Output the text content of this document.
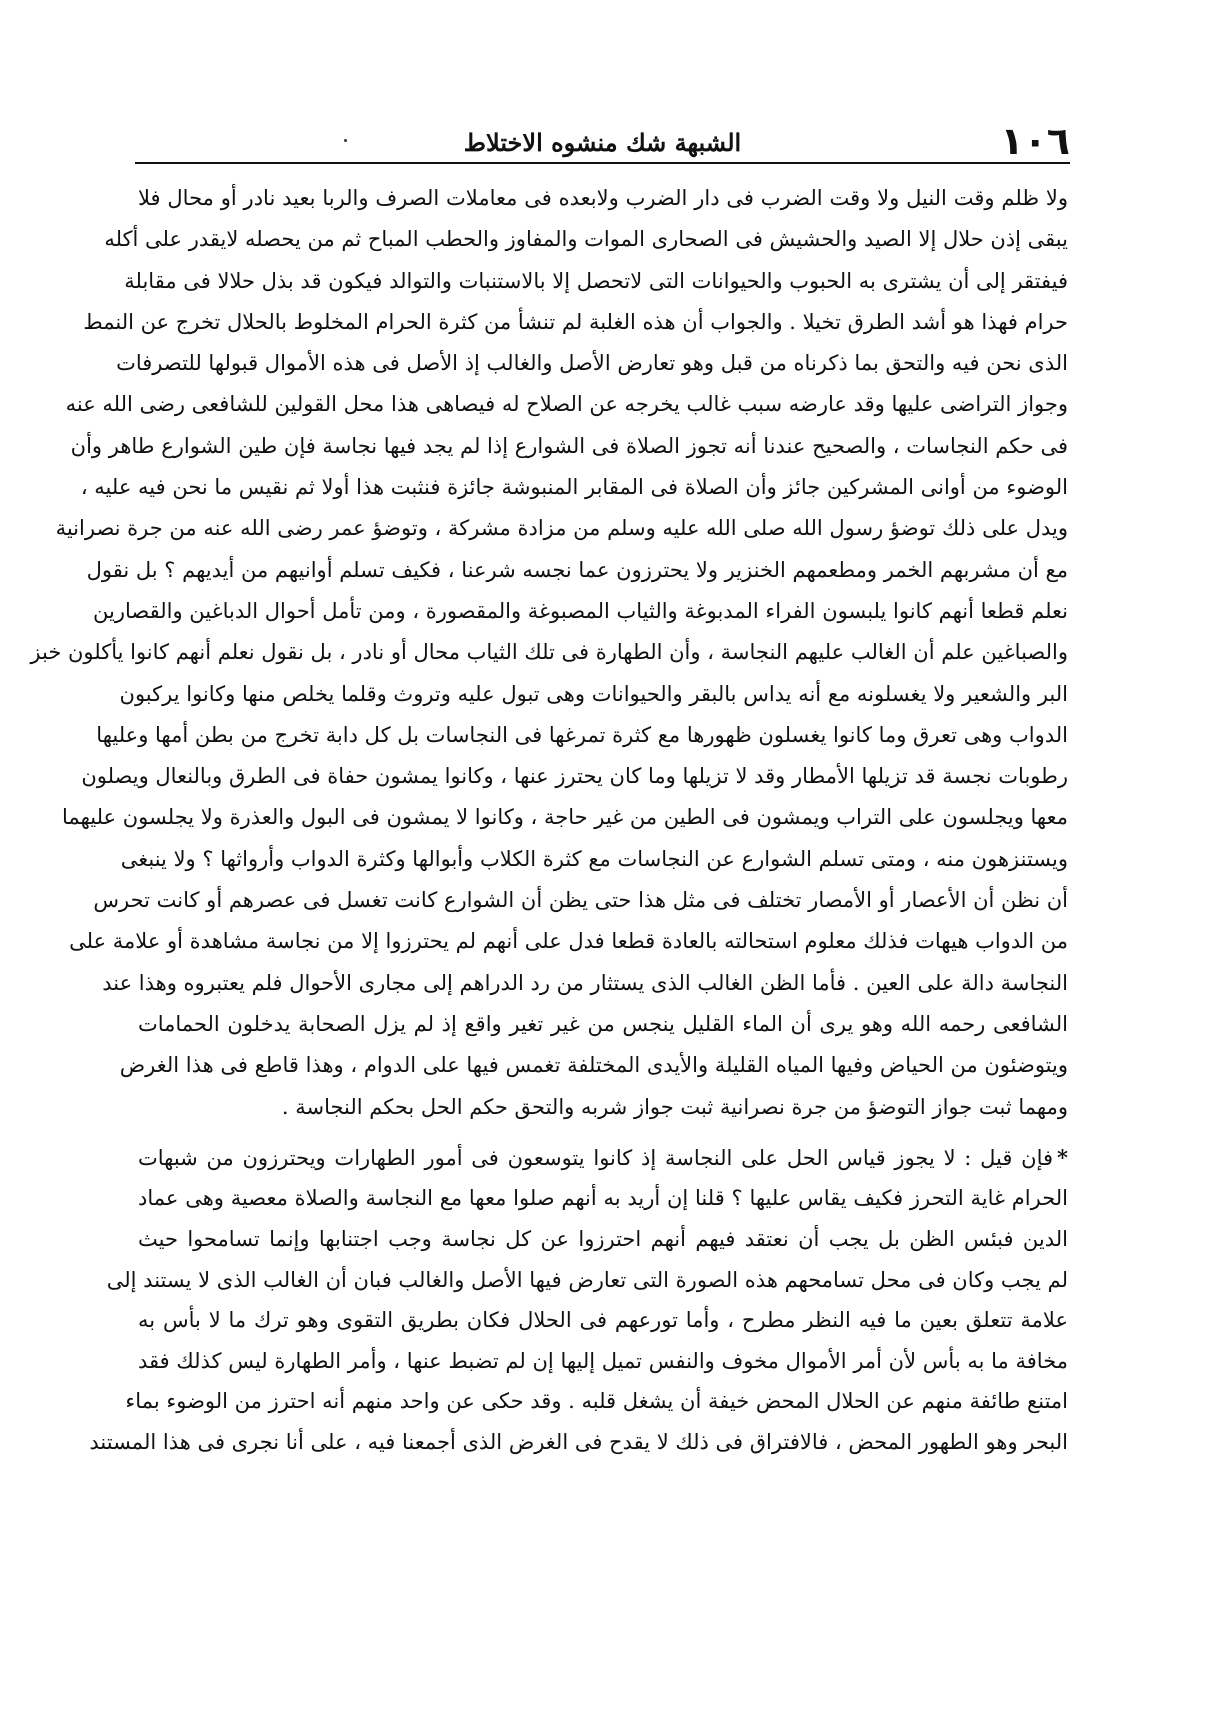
١٠٦
الشبهة شك منشوه الاختلاط
ولا ظلم وقت النيل ولا وقت الضرب فى دار الضرب ولابعده فى معاملات الصرف والربا بعيد نادر أو محال فلا
يبقى إذن حلال إلا الصيد والحشيش فى الصحارى الموات والمفاوز والحطب المباح ثم من يحصله لايقدر على أكله
فيفتقر إلى أن يشترى به الحبوب والحيوانات التى لاتحصل إلا بالاستنبات والتوالد فيكون قد بذل حلالا فى مقابلة
حرام فهذا هو أشد الطرق تخيلا . والجواب أن هذه الغلبة لم تنشأ من كثرة الحرام المخلوط بالحلال تخرج عن النمط
الذى نحن فيه والتحق بما ذكرناه من قبل وهو تعارض الأصل والغالب إذ الأصل فى هذه الأموال قبولها للتصرفات
وجواز التراضى عليها وقد عارضه سبب غالب يخرجه عن الصلاح له فيصاهى هذا محل القولين للشافعى رضى الله عنه
فى حكم النجاسات ، والصحيح عندنا أنه تجوز الصلاة فى الشوارع إذا لم يجد فيها نجاسة فإن طين الشوارع طاهر وأن
الوضوء من أوانى المشركين جائز وأن الصلاة فى المقابر المنبوشة جائزة فنثبت هذا أولا ثم نقيس ما نحن فيه عليه ،
ويدل على ذلك توضؤ رسول الله صلى الله عليه وسلم من مزادة مشركة ، وتوضؤ عمر رضى الله عنه من جرة نصرانية
مع أن مشربهم الخمر ومطعمهم الخنزير ولا يحترزون عما نجسه شرعنا ، فكيف تسلم أوانيهم من أيديهم ؟ بل نقول
نعلم قطعا أنهم كانوا يلبسون الفراء المدبوغة والثياب المصبوغة والمقصورة ، ومن تأمل أحوال الدباغين والقصارين
والصباغين علم أن الغالب عليهم النجاسة ، وأن الطهارة فى تلك الثياب محال أو نادر ، بل نقول نعلم أنهم كانوا يأكلون خبز
البر والشعير ولا يغسلونه مع أنه يداس بالبقر والحيوانات وهى تبول عليه وتروث وقلما يخلص منها وكانوا يركبون
الدواب وهى تعرق وما كانوا يغسلون ظهورها مع كثرة تمرغها فى النجاسات بل كل دابة تخرج من بطن أمها وعليها
رطوبات نجسة قد تزيلها الأمطار وقد لا تزيلها وما كان يحترز عنها ، وكانوا يمشون حفاة فى الطرق وبالنعال ويصلون
معها ويجلسون على التراب ويمشون فى الطين من غير حاجة ، وكانوا لا يمشون فى البول والعذرة ولا يجلسون عليهما
ويستنزهون منه ، ومتى تسلم الشوارع عن النجاسات مع كثرة الكلاب وأبوالها وكثرة الدواب وأرواثها ؟ ولا ينبغى
أن نظن أن الأعصار أو الأمصار تختلف فى مثل هذا حتى يظن أن الشوارع كانت تغسل فى عصرهم أو كانت تحرس
من الدواب هيهات فذلك معلوم استحالته بالعادة قطعا فدل على أنهم لم يحترزوا إلا من نجاسة مشاهدة أو علامة على
النجاسة دالة على العين . فأما الظن الغالب الذى يستثار من رد الدراهم إلى مجارى الأحوال فلم يعتبروه وهذا عند
الشافعى رحمه الله وهو يرى أن الماء القليل ينجس من غير تغير واقع إذ لم يزل الصحابة يدخلون الحمامات
ويتوضئون من الحياض وفيها المياه القليلة والأيدى المختلفة تغمس فيها على الدوام ، وهذا قاطع فى هذا الغرض
ومهما ثبت جواز التوضؤ من جرة نصرانية ثبت جواز شربه والتحق حكم الحل بحكم النجاسة .
*فإن قيل : لا يجوز قياس الحل على النجاسة إذ كانوا يتوسعون فى أمور الطهارات ويحترزون من شبهات
الحرام غاية التحرز فكيف يقاس عليها ؟ قلنا إن أريد به أنهم صلوا معها مع النجاسة والصلاة معصية وهى عماد
الدين فبئس الظن بل يجب أن نعتقد فيهم أنهم احترزوا عن كل نجاسة وجب اجتنابها وإنما تسامحوا حيث
لم يجب وكان فى محل تسامحهم هذه الصورة التى تعارض فيها الأصل والغالب فبان أن الغالب الذى لا يستند إلى
علامة تتعلق بعين ما فيه النظر مطرح ، وأما تورعهم فى الحلال فكان بطريق التقوى وهو ترك ما لا بأس به
مخافة ما به بأس لأن أمر الأموال مخوف والنفس تميل إليها إن لم تضبط عنها ، وأمر الطهارة ليس كذلك فقد
امتنع طائفة منهم عن الحلال المحض خيفة أن يشغل قلبه . وقد حكى عن واحد منهم أنه احترز من الوضوء بماء
البحر وهو الطهور المحض ، فالافتراق فى ذلك لا يقدح فى الغرض الذى أجمعنا فيه ، على أنا نجرى فى هذا المستند
